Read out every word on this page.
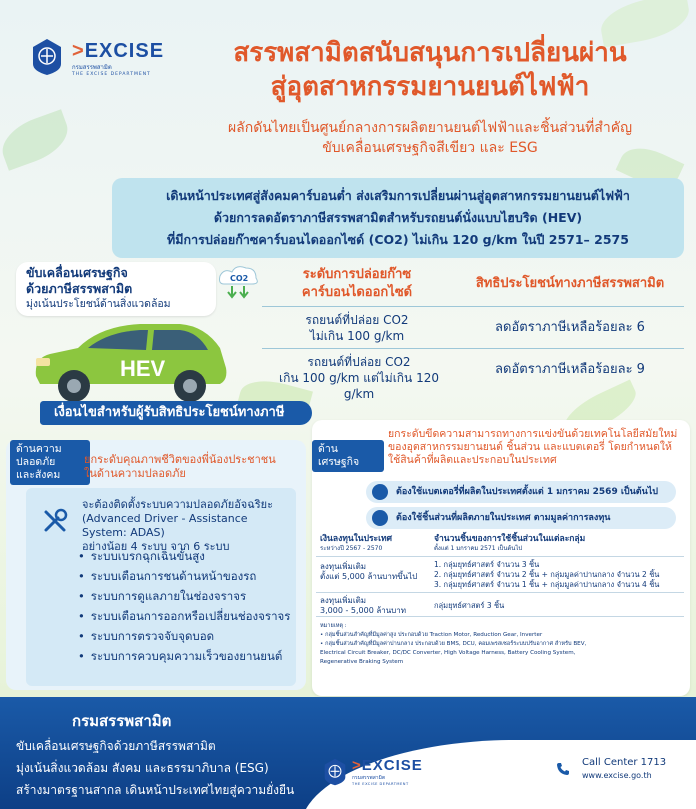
>EXCISE
กรมสรรพสามิต
THE EXCISE DEPARTMENT
สรรพสามิตสนับสนุนการเปลี่ยนผ่าน
สู่อุตสาหกรรมยานยนต์ไฟฟ้า
ผลักดันไทยเป็นศูนย์กลางการผลิตยานยนต์ไฟฟ้าและชิ้นส่วนที่สำคัญ
ขับเคลื่อนเศรษฐกิจสีเขียว และ ESG

เดินหน้าประเทศสู่สังคมคาร์บอนต่ำ ส่งเสริมการเปลี่ยนผ่านสู่อุตสาหกรรมยานยนต์ไฟฟ้า

ด้วยการลดอัตราภาษีสรรพสามิตสำหรับรถยนต์นั่งแบบไฮบริด (HEV)

ที่มีการปล่อยก๊าซคาร์บอนไดออกไซด์ (CO2) ไม่เกิน 120 g/km ในปี 2571– 2575

ขับเคลื่อนเศรษฐกิจ
ด้วยภาษีสรรพสามิต
มุ่งเน้นประโยชน์ด้านสิ่งแวดล้อม
HEV
CO2	ระดับการปล่อยก๊าซ
คาร์บอนไดออกไซด์
สิทธิประโยชน์ทางภาษีสรรพสามิต
รถยนต์ที่ปล่อย CO2
ไม่เกิน 100 g/km
ลดอัตราภาษีเหลือร้อยละ 6
รถยนต์ที่ปล่อย CO2
เกิน 100 g/km แต่ไม่เกิน 120 g/km
ลดอัตราภาษีเหลือร้อยละ 9
เงื่อนไขสำหรับผู้รับสิทธิประโยชน์ทางภาษี
ด้านความปลอดภัย
และสังคม
ยกระดับคุณภาพชีวิตของพี่น้องประชาชน
ในด้านความปลอดภัย
จะต้องติดตั้งระบบความปลอดภัยอัจฉริยะ
(Advanced Driver - Assistance System: ADAS)
อย่างน้อย 4 ระบบ จาก 6 ระบบ
• ระบบเบรกฉุกเฉินขั้นสูง
• ระบบเตือนการชนด้านหน้าของรถ
• ระบบการดูแลภายในช่องจราจร
• ระบบเตือนการออกหรือเปลี่ยนช่องจราจร
• ระบบการตรวจจับจุดบอด
• ระบบการควบคุมความเร็วของยานยนต์
ด้านเศรษฐกิจ
ยกระดับขีดความสามารถทางการแข่งขันด้วยเทคโนโลยีสมัยใหม่
ของอุตสาหกรรมยานยนต์ ชิ้นส่วน และแบตเตอรี่ โดยกำหนดให้
ใช้สินค้าที่ผลิตและประกอบในประเทศ
ต้องใช้แบตเตอรี่ที่ผลิตในประเทศตั้งแต่ 1 มกราคม 2569 เป็นต้นไป
ต้องใช้ชิ้นส่วนที่ผลิตภายในประเทศ ตามมูลค่าการลงทุน
เงินลงทุนในประเทศ
ระหว่างปี 2567 - 2570
จำนวนชิ้นของการใช้ชิ้นส่วนในแต่ละกลุ่ม
ตั้งแต่ 1 มกราคม 2571 เป็นต้นไป
ลงทุนเพิ่มเติม
ตั้งแต่ 5,000 ล้านบาทขึ้นไป
1. กลุ่มยุทธ์ศาสตร์ จำนวน 3 ชิ้น
2. กลุ่มยุทธ์ศาสตร์ จำนวน 2 ชิ้น + กลุ่มมูลค่าปานกลาง จำนวน 2 ชิ้น
3. กลุ่มยุทธ์ศาสตร์ จำนวน 1 ชิ้น + กลุ่มมูลค่าปานกลาง จำนวน 4 ชิ้น
ลงทุนเพิ่มเติม
3,000 - 5,000 ล้านบาท
กลุ่มยุทธ์ศาสตร์ 3 ชิ้น
หมายเหตุ :
• กลุ่มชิ้นส่วนสำคัญที่มีมูลค่าสูง ประกอบด้วย Traction Motor, Reduction Gear, Inverter
• กลุ่มชิ้นส่วนสำคัญที่มีมูลค่าปานกลาง ประกอบด้วย BMS, DCU, คอมเพรสเซอร์ระบบปรับอากาศ สำหรับ BEV,
Electrical Circuit Breaker, DC/DC Converter, High Voltage Harness, Battery Cooling System,
Regenerative Braking System
กรมสรรพสามิต
ขับเคลื่อนเศรษฐกิจด้วยภาษีสรรพสามิต
มุ่งเน้นสิ่งแวดล้อม สังคม และธรรมาภิบาล (ESG)
สร้างมาตรฐานสากล เดินหน้าประเทศไทยสู่ความยั่งยืน
>EXCISE
กรมสรรพสามิต
THE EXCISE DEPARTMENT
Call Center 1713
www.excise.go.th
